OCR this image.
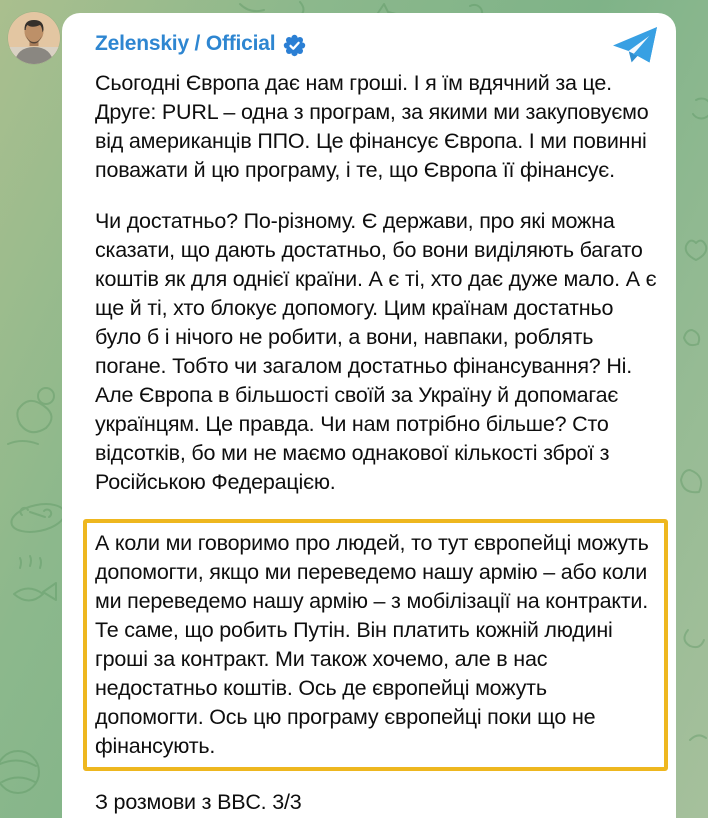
Zelenskiy / Official

Сьогодні Європа дає нам гроші. І я їм вдячний за це. Друге: PURL – одна з програм, за якими ми закуповуємо від американців ППО. Це фінансує Європа. І ми повинні поважати й цю програму, і те, що Європа її фінансує.

Чи достатньо? По-різному. Є держави, про які можна сказати, що дають достатньо, бо вони виділяють багато коштів як для однієї країни. А є ті, хто дає дуже мало. А є ще й ті, хто блокує допомогу. Цим країнам достатньо було б і нічого не робити, а вони, навпаки, роблять погане. Тобто чи загалом достатньо фінансування? Ні. Але Європа в більшості своїй за Україну й допомагає українцям. Це правда. Чи нам потрібно більше? Сто відсотків, бо ми не маємо однакової кількості зброї з Російською Федерацією.

А коли ми говоримо про людей, то тут європейці можуть допомогти, якщо ми переведемо нашу армію – або коли ми переведемо нашу армію – з мобілізації на контракти. Те саме, що робить Путін. Він платить кожній людині гроші за контракт. Ми також хочемо, але в нас недостатньо коштів. Ось де європейці можуть допомогти. Ось цю програму європейці поки що не фінансують.

З розмови з BBC. 3/3
